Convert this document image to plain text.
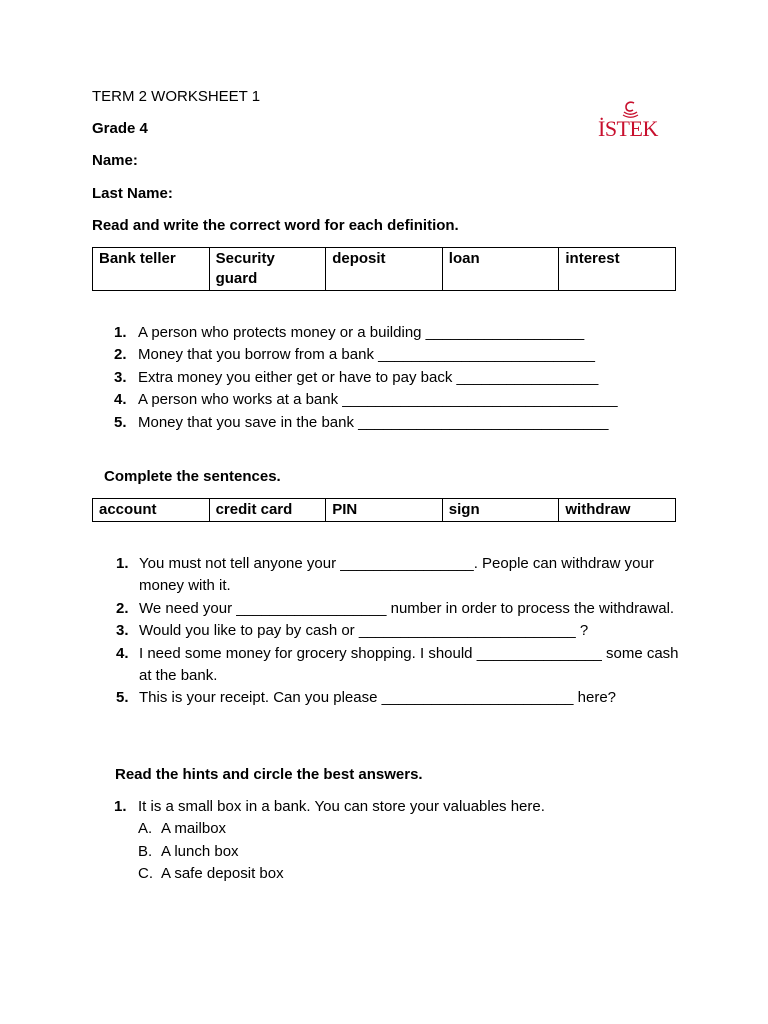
TERM 2 WORKSHEET 1
Grade 4
Name:
Last Name:
İSTEK
Read and write the correct word for each definition.
Bank teller	Security guard	deposit	loan	interest
1. A person who protects money or a building ___________________
2. Money that you borrow from a bank __________________________
3. Extra money you either get or have to pay back _________________
4. A person who works at a bank _________________________________
5. Money that you save in the bank ______________________________
Complete the sentences.
account	credit card	PIN	sign	withdraw
1. You must not tell anyone your ________________. People can withdraw your money with it.
2. We need your __________________ number in order to process the withdrawal.
3. Would you like to pay by cash or __________________________ ?
4. I need some money for grocery shopping. I should _______________ some cash at the bank.
5. This is your receipt. Can you please _______________________ here?
Read the hints and circle the best answers.
1. It is a small box in a bank. You can store your valuables here.
A. A mailbox
B. A lunch box
C. A safe deposit box
